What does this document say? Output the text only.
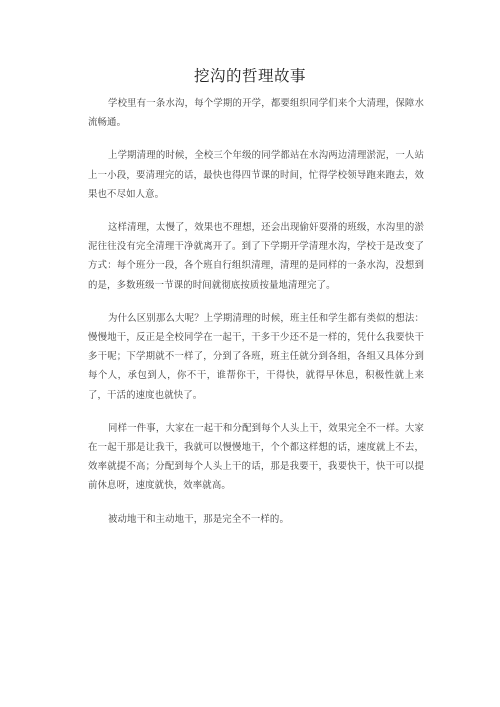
挖沟的哲理故事

学校里有一条水沟，每个学期的开学，都要组织同学们来个大清理，保障水流畅通。

上学期清理的时候，全校三个年级的同学都站在水沟两边清理淤泥，一人站上一小段，要清理完的话，最快也得四节课的时间，忙得学校领导跑来跑去，效果也不尽如人意。

这样清理，太慢了，效果也不理想，还会出现偷奸耍滑的班级，水沟里的淤泥往往没有完全清理干净就离开了。到了下学期开学清理水沟，学校于是改变了方式：每个班分一段，各个班自行组织清理，清理的是同样的一条水沟，没想到的是，多数班级一节课的时间就彻底按质按量地清理完了。

为什么区别那么大呢？上学期清理的时候，班主任和学生都有类似的想法：慢慢地干，反正是全校同学在一起干，干多干少还不是一样的，凭什么我要快干多干呢；下学期就不一样了，分到了各班，班主任就分到各组，各组又具体分到每个人，承包到人，你不干，谁帮你干，干得快，就得早休息，积极性就上来了，干活的速度也就快了。

同样一件事，大家在一起干和分配到每个人头上干，效果完全不一样。大家在一起干那是让我干，我就可以慢慢地干，个个都这样想的话，速度就上不去，效率就提不高；分配到每个人头上干的话，那是我要干，我要快干，快干可以提前休息呀，速度就快，效率就高。

被动地干和主动地干，那是完全不一样的。
